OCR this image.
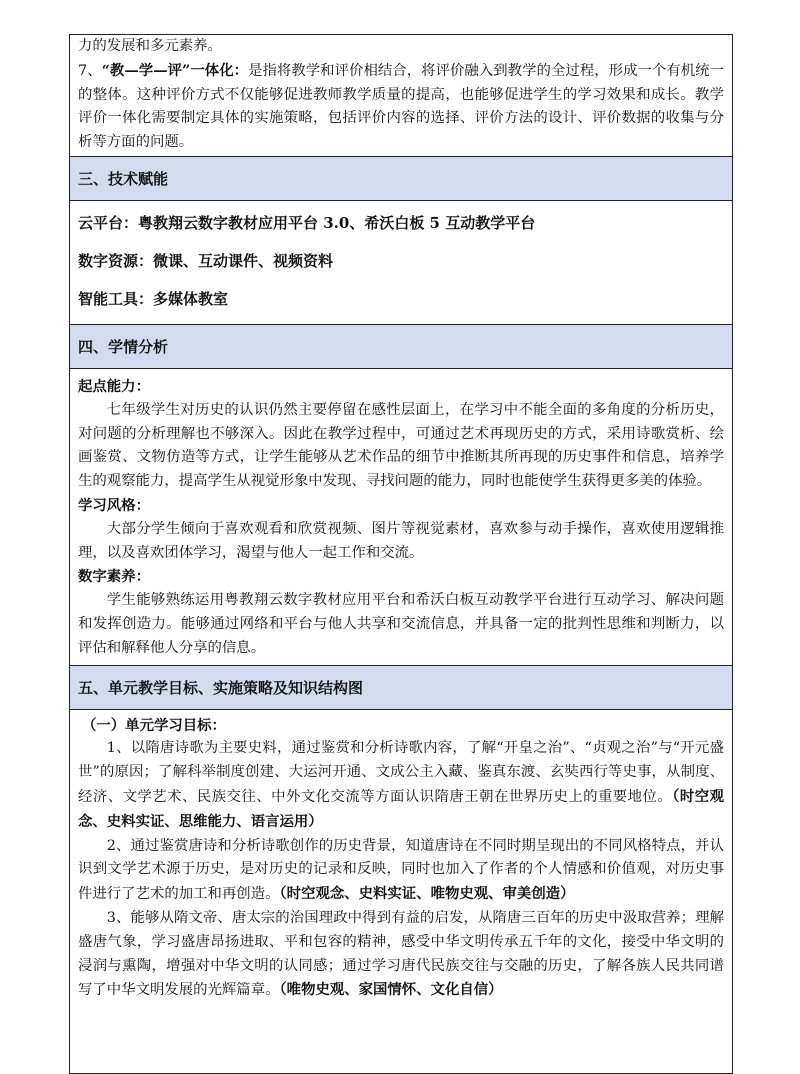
力的发展和多元素养。

7、“教—学—评”一体化：是指将教学和评价相结合，将评价融入到教学的全过程，形成一个有机统一的整体。这种评价方式不仅能够促进教师教学质量的提高，也能够促进学生的学习效果和成长。教学评价一体化需要制定具体的实施策略，包括评价内容的选择、评价方法的设计、评价数据的收集与分析等方面的问题。

三、技术赋能

云平台：粤教翔云数字教材应用平台 3.0、希沃白板 5 互动教学平台

数字资源：微课、互动课件、视频资料

智能工具：多媒体教室

四、学情分析

起点能力：

七年级学生对历史的认识仍然主要停留在感性层面上，在学习中不能全面的多角度的分析历史，对问题的分析理解也不够深入。因此在教学过程中，可通过艺术再现历史的方式，采用诗歌赏析、绘画鉴赏、文物仿造等方式，让学生能够从艺术作品的细节中推断其所再现的历史事件和信息，培养学生的观察能力，提高学生从视觉形象中发现、寻找问题的能力，同时也能使学生获得更多美的体验。

学习风格：

大部分学生倾向于喜欢观看和欣赏视频、图片等视觉素材，喜欢参与动手操作，喜欢使用逻辑推理，以及喜欢团体学习，渴望与他人一起工作和交流。

数字素养：

学生能够熟练运用粤教翔云数字教材应用平台和希沃白板互动教学平台进行互动学习、解决问题和发挥创造力。能够通过网络和平台与他人共享和交流信息，并具备一定的批判性思维和判断力，以评估和解释他人分享的信息。

五、单元教学目标、实施策略及知识结构图

（一）单元学习目标：

1、以隋唐诗歌为主要史料，通过鉴赏和分析诗歌内容，了解“开皇之治”、“贞观之治”与“开元盛世”的原因；了解科举制度创建、大运河开通、文成公主入藏、鉴真东渡、玄奘西行等史事，从制度、经济、文学艺术、民族交往、中外文化交流等方面认识隋唐王朝在世界历史上的重要地位。（时空观念、史料实证、思维能力、语言运用）

2、通过鉴赏唐诗和分析诗歌创作的历史背景，知道唐诗在不同时期呈现出的不同风格特点，并认识到文学艺术源于历史，是对历史的记录和反映，同时也加入了作者的个人情感和价值观，对历史事件进行了艺术的加工和再创造。（时空观念、史料实证、唯物史观、审美创造）

3、能够从隋文帝、唐太宗的治国理政中得到有益的启发，从隋唐三百年的历史中汲取营养；理解盛唐气象，学习盛唐昂扬进取、平和包容的精神，感受中华文明传承五千年的文化，接受中华文明的浸润与熏陶，增强对中华文明的认同感；通过学习唐代民族交往与交融的历史，了解各族人民共同谱写了中华文明发展的光辉篇章。（唯物史观、家国情怀、文化自信）
